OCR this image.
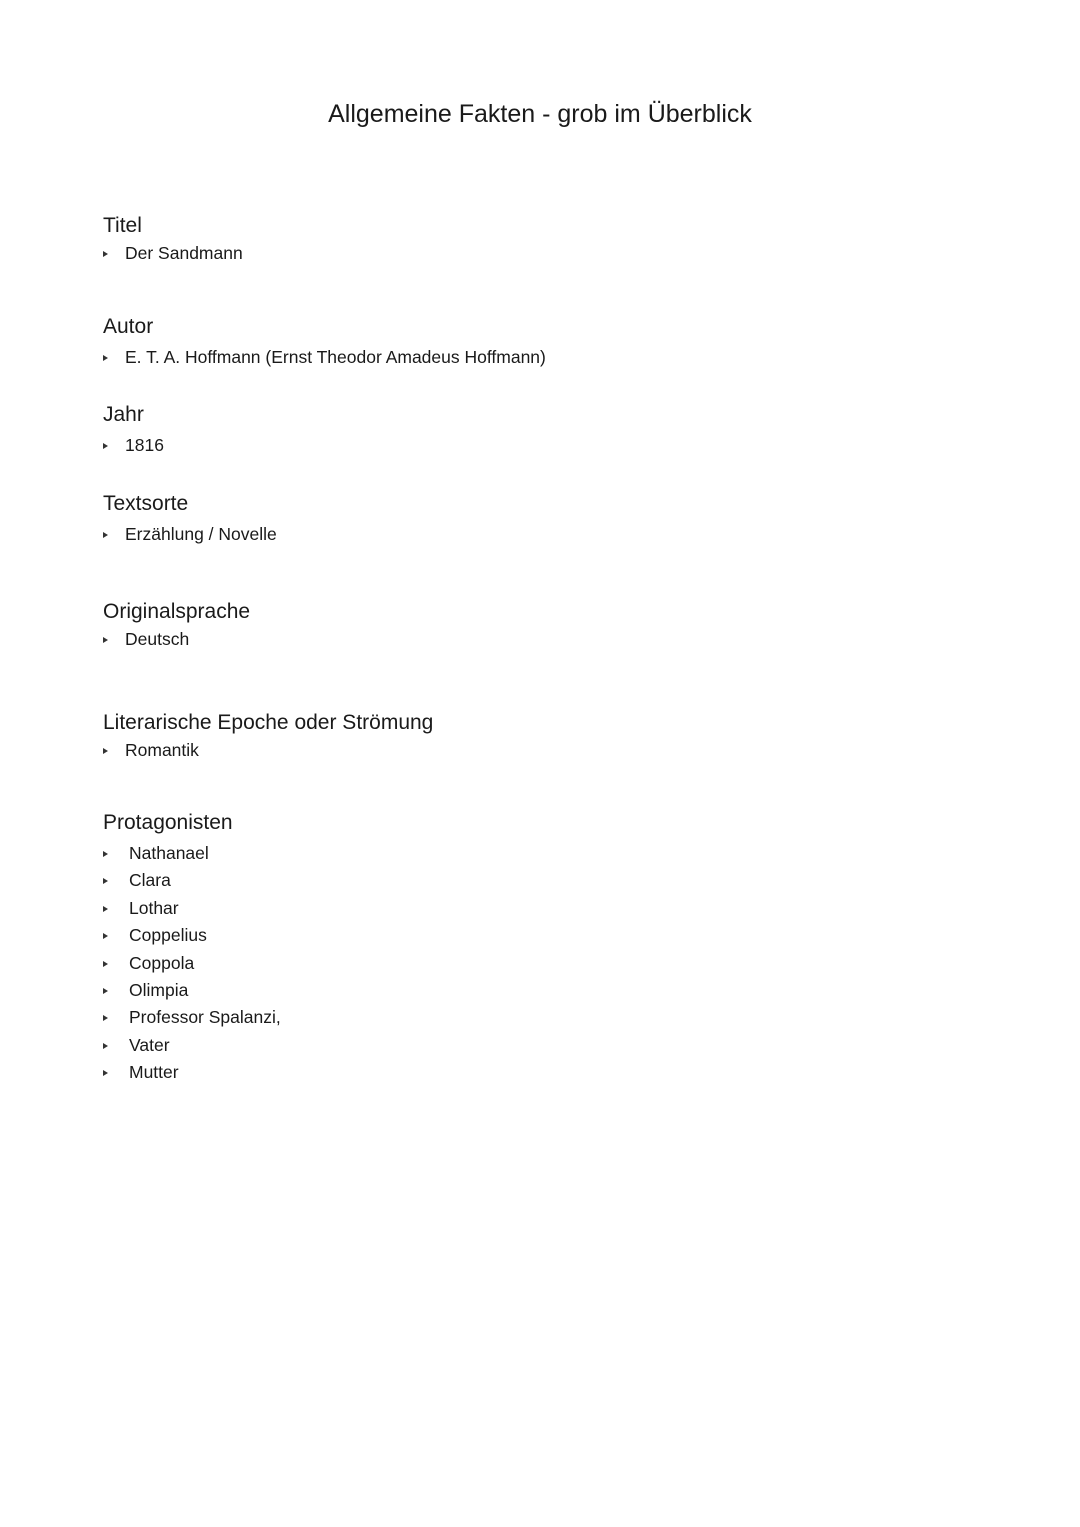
Allgemeine Fakten - grob im Überblick
Titel
Der Sandmann
Autor
E. T. A. Hoffmann (Ernst Theodor Amadeus Hoffmann)
Jahr
1816
Textsorte
Erzählung / Novelle
Originalsprache
Deutsch
Literarische Epoche oder Strömung
Romantik
Protagonisten
Nathanael
Clara
Lothar
Coppelius
Coppola
Olimpia
Professor Spalanzi,
Vater
Mutter
